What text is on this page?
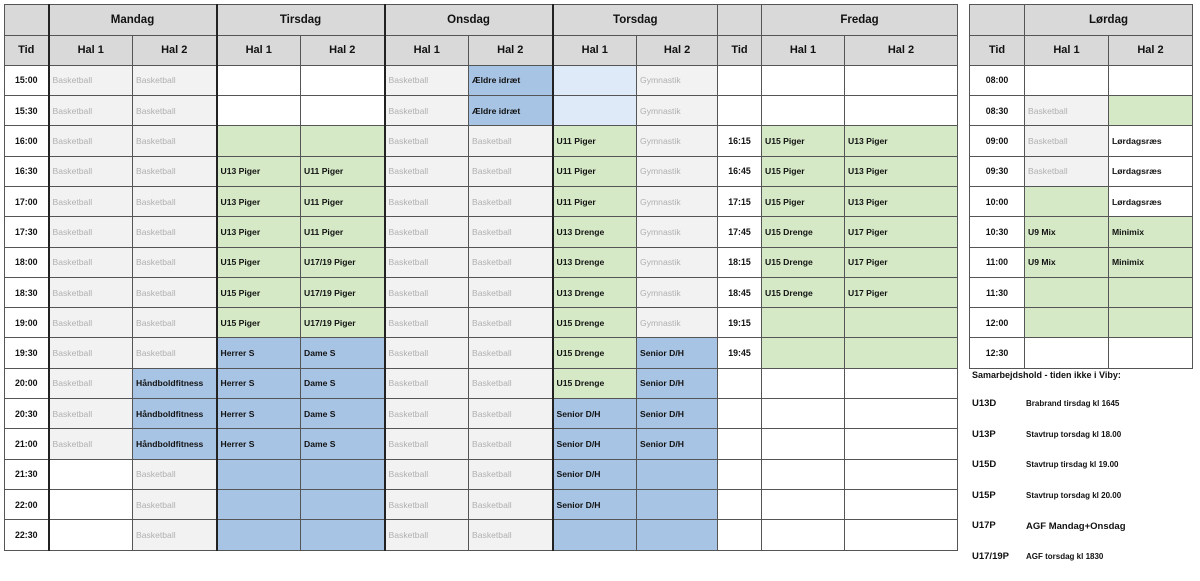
	Mandag		Tirsdag		Onsdag		Torsdag	
Tid	Hal 1	Hal 2	Hal 1	Hal 2	Hal 1	Hal 2	Hal 1	Hal 2
15:00	Basketball	Basketball			Basketball	Ældre idræt		Gymnastik
15:30	Basketball	Basketball			Basketball	Ældre idræt		Gymnastik
16:00	Basketball	Basketball			Basketball	Basketball	U11 Piger	Gymnastik
16:30	Basketball	Basketball	U13 Piger	U11 Piger	Basketball	Basketball	U11 Piger	Gymnastik
17:00	Basketball	Basketball	U13 Piger	U11 Piger	Basketball	Basketball	U11 Piger	Gymnastik
17:30	Basketball	Basketball	U13 Piger	U11 Piger	Basketball	Basketball	U13 Drenge	Gymnastik
18:00	Basketball	Basketball	U15 Piger	U17/19 Piger	Basketball	Basketball	U13 Drenge	Gymnastik
18:30	Basketball	Basketball	U15 Piger	U17/19 Piger	Basketball	Basketball	U13 Drenge	Gymnastik
19:00	Basketball	Basketball	U15 Piger	U17/19 Piger	Basketball	Basketball	U15 Drenge	Gymnastik
19:30	Basketball	Basketball	Herrer S	Dame S	Basketball	Basketball	U15 Drenge	Senior D/H
20:00	Basketball	Håndboldfitness	Herrer S	Dame S	Basketball	Basketball	U15 Drenge	Senior D/H
20:30	Basketball	Håndboldfitness	Herrer S	Dame S	Basketball	Basketball	Senior D/H	Senior D/H
21:00	Basketball	Håndboldfitness	Herrer S	Dame S	Basketball	Basketball	Senior D/H	Senior D/H
21:30		Basketball			Basketball	Basketball	Senior D/H	
22:00		Basketball			Basketball	Basketball	Senior D/H	
22:30		Basketball			Basketball	Basketball		
	Fredag	
Tid	Hal 1	Hal 2

16:15	U15 Piger	U13 Piger
16:45	U15 Piger	U13 Piger
17:15	U15 Piger	U13 Piger
17:45	U15 Drenge	U17 Piger
18:15	U15 Drenge	U17 Piger
18:45	U15 Drenge	U17 Piger
19:15		
19:45		

	Lørdag	
Tid	Hal 1	Hal 2
08:00		
08:30	Basketball	
09:00	Basketball	Lørdagsræs
09:30	Basketball	Lørdagsræs
10:00		Lørdagsræs
10:30	U9 Mix	Minimix
11:00	U9 Mix	Minimix
11:30		
12:00		
12:30		
Samarbejdshold - tiden ikke i Viby:
U13D	Brabrand tirsdag kl 1645
U13P	Stavtrup torsdag kl 18.00
U15D	Stavtrup tirsdag kl 19.00
U15P	Stavtrup torsdag kl 20.00
U17P	AGF Mandag+Onsdag
U17/19P	AGF torsdag kl 1830
